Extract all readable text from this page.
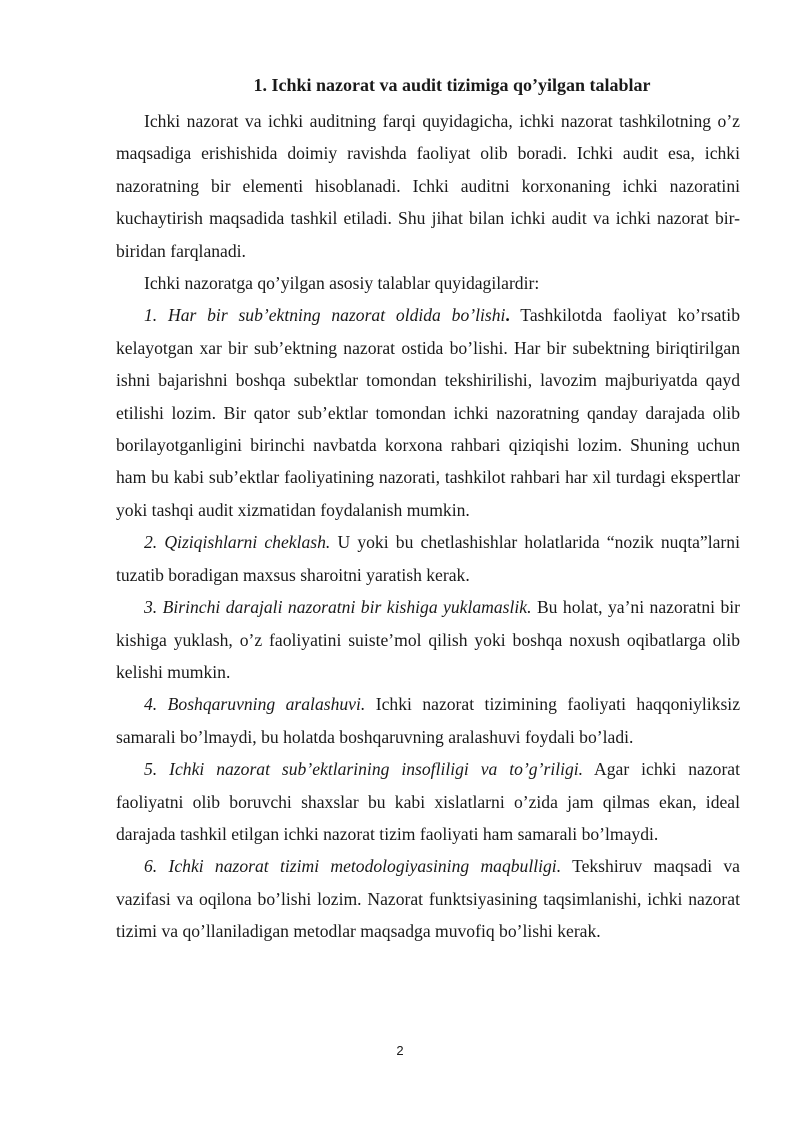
1. Ichki nazorat va audit tizimiga qo’yilgan talablar

Ichki nazorat va ichki auditning farqi quyidagicha, ichki nazorat tashkilotning o’z maqsadiga erishishida doimiy ravishda faoliyat olib boradi. Ichki audit esa, ichki nazoratning bir elementi hisoblanadi. Ichki auditni korxonaning ichki nazoratini kuchaytirish maqsadida tashkil etiladi. Shu jihat bilan ichki audit va ichki nazorat bir-biridan farqlanadi.

Ichki nazoratga qo’yilgan asosiy talablar quyidagilardir:

1. Har bir sub’ektning nazorat oldida bo’lishi. Tashkilotda faoliyat ko’rsatib kelayotgan xar bir sub’ektning nazorat ostida bo’lishi. Har bir subektning biriqtirilgan ishni bajarishni boshqa subektlar tomondan tekshirilishi, lavozim majburiyatda qayd etilishi lozim. Bir qator sub’ektlar tomondan ichki nazoratning qanday darajada olib borilayotganligini birinchi navbatda korxona rahbari qiziqishi lozim. Shuning uchun ham bu kabi sub’ektlar faoliyatining nazorati, tashkilot rahbari har xil turdagi ekspertlar yoki tashqi audit xizmatidan foydalanish mumkin.

2. Qiziqishlarni cheklash. U yoki bu chetlashishlar holatlarida “nozik nuqta”larni tuzatib boradigan maxsus sharoitni yaratish kerak.

3. Birinchi darajali nazoratni bir kishiga yuklamaslik. Bu holat, ya’ni nazoratni bir kishiga yuklash, o’z faoliyatini suiste’mol qilish yoki boshqa noxush oqibatlarga olib kelishi mumkin.

4. Boshqaruvning aralashuvi. Ichki nazorat tizimining faoliyati haqqoniyliksiz samarali bo’lmaydi, bu holatda boshqaruvning aralashuvi foydali bo’ladi.

5. Ichki nazorat sub’ektlarining insofliligi va to’g’riligi. Agar ichki nazorat faoliyatni olib boruvchi shaxslar bu kabi xislatlarni o’zida jam qilmas ekan, ideal darajada tashkil etilgan ichki nazorat tizim faoliyati ham samarali bo’lmaydi.

6. Ichki nazorat tizimi metodologiyasining maqbulligi. Tekshiruv maqsadi va vazifasi va oqilona bo’lishi lozim. Nazorat funktsiyasining taqsimlanishi, ichki nazorat tizimi va qo’llaniladigan metodlar maqsadga muvofiq bo’lishi kerak.

2
